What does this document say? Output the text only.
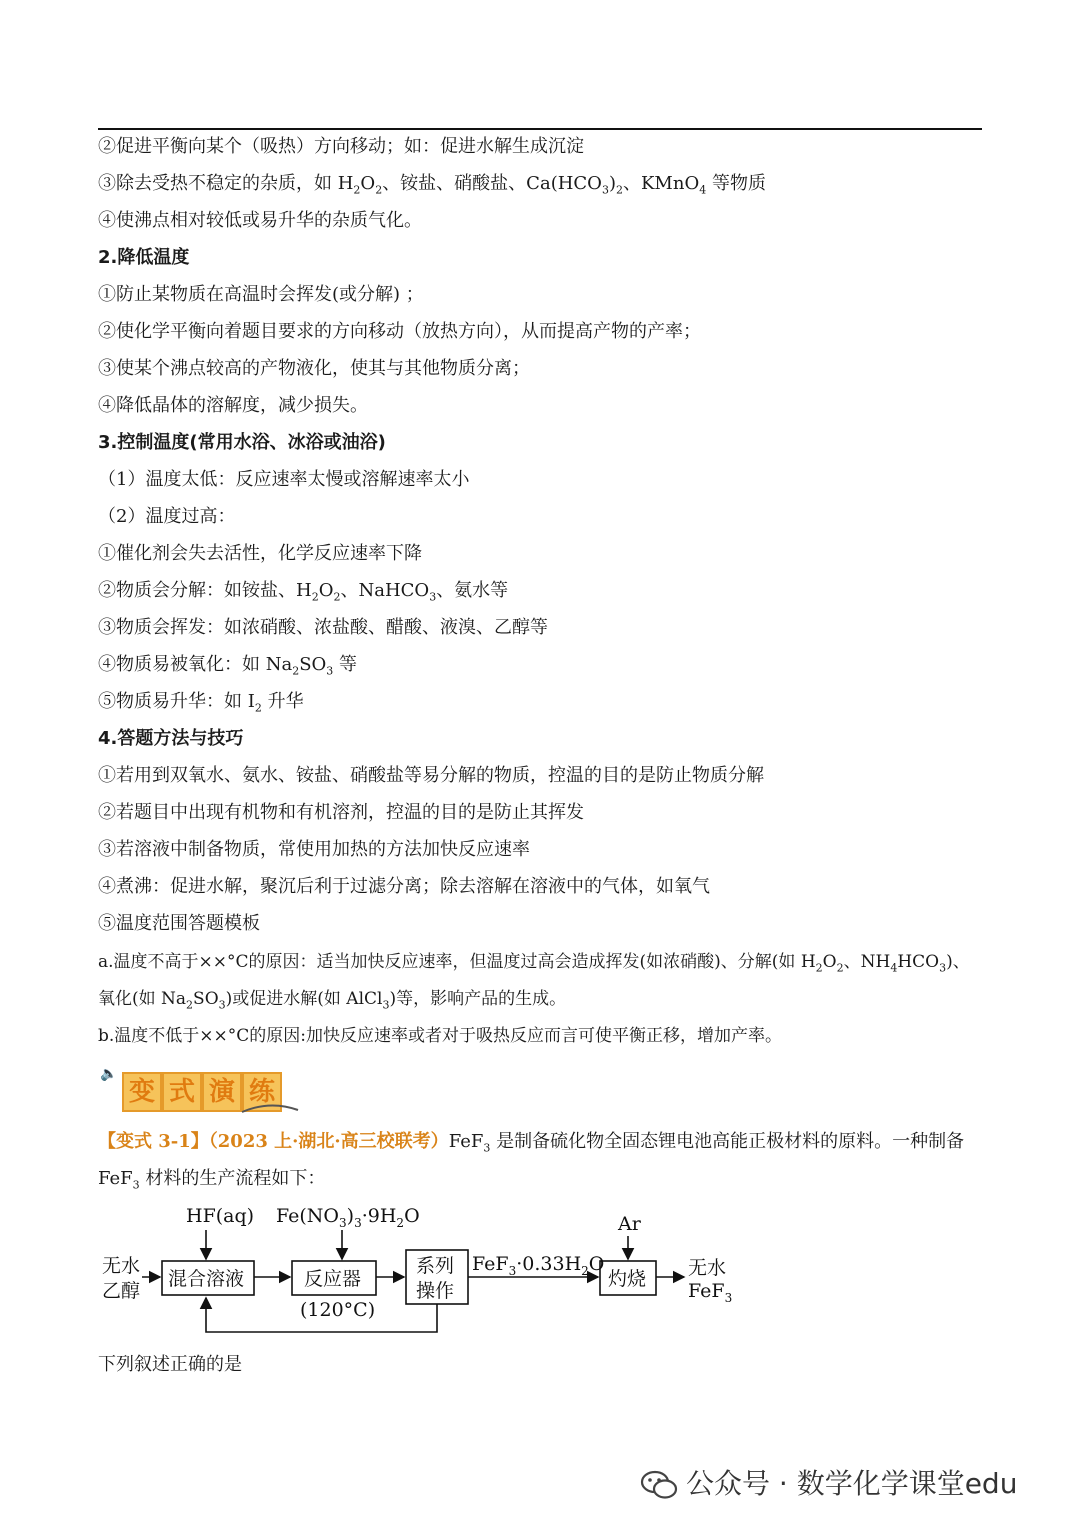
②促进平衡向某个（吸热）方向移动；如：促进水解生成沉淀
③除去受热不稳定的杂质，如 $H_2O_2$、铵盐、硝酸盐、$Ca(HCO_3)_2$、KMnO$_4$ 等物质
④使沸点相对较低或易升华的杂质气化。
2.降低温度
①防止某物质在高温时会挥发(或分解) ；
②使化学平衡向着题目要求的方向移动（放热方向），从而提高产物的产率；
③使某个沸点较高的产物液化，使其与其他物质分离；
④降低晶体的溶解度，减少损失。
3.控制温度(常用水浴、冰浴或油浴)
（1）温度太低：反应速率太慢或溶解速率太小
（2）温度过高：
①催化剂会失去活性，化学反应速率下降
②物质会分解：如铵盐、$H_2O_2$、NaHCO$_3$、氨水等
③物质会挥发：如浓硝酸、浓盐酸、醋酸、液溴、乙醇等
④物质易被氧化：如 $Na_2SO_3$ 等
⑤物质易升华：如 $I_2$ 升华
4.答题方法与技巧
①若用到双氧水、氨水、铵盐、硝酸盐等易分解的物质，控温的目的是防止物质分解
②若题目中出现有机物和有机溶剂，控温的目的是防止其挥发
③若溶液中制备物质，常使用加热的方法加快反应速率
④煮沸：促进水解，聚沉后利于过滤分离；除去溶解在溶液中的气体，如氧气
⑤温度范围答题模板
a.温度不高于××°C的原因：适当加快反应速率，但温度过高会造成挥发(如浓硝酸)、分解(如 $H_2O_2$、$NH_4HCO_3$)、
氧化(如 $Na_2SO_3$)或促进水解(如 AlCl$_3$)等，影响产品的生成。
b.温度不低于××°C的原因:加快反应速率或者对于吸热反应而言可使平衡正移，增加产率。
🔈
变 式 演 练
【变式 3-1】（2023 上·湖北·高三校联考）FeF$_3$ 是制备硫化物全固态锂电池高能正极材料的原料。一种制备
FeF$_3$ 材料的生产流程如下：
无水
乙醇
混合溶液
HF(aq)
反应器
$Fe(NO_3)_3\cdot 9H_2O$
(120°C)
系列
操作
$FeF_3\cdot 0.33H_2O$
灼烧
Ar
无水
FeF$_3$
下列叙述正确的是
公众号 · 数学化学课堂edu
